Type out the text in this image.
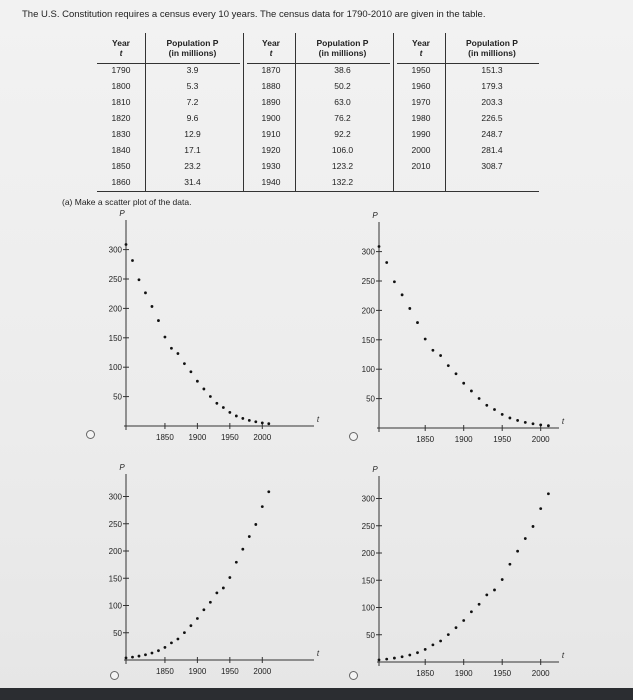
The U.S. Constitution requires a census every 10 years. The census data for 1790-2010 are given in the table.
Year
t
Population P
(in millions)
1790	3.9
1800	5.3
1810	7.2
1820	9.6
1830	12.9
1840	17.1
1850	23.2
1860	31.4
Year
t
Population P
(in millions)
1870	38.6
1880	50.2
1890	63.0
1900	76.2
1910	92.2
1920	106.0
1930	123.2
1940	132.2
Year
t
Population P
(in millions)
1950	151.3
1960	179.3
1970	203.3
1980	226.5
1990	248.7
2000	281.4
2010	308.7
(a) Make a scatter plot of the data.
P
t
300
250
200
150
100
50
1850 1900 1950 2000
P
t
300
250
200
150
100
50
1850	1900	1950	2000
P
t
300
250
200
150
100
50
1850 1900 1950 2000
P
t
300
250
200
150
100
50
1850	1900	1950	2000
